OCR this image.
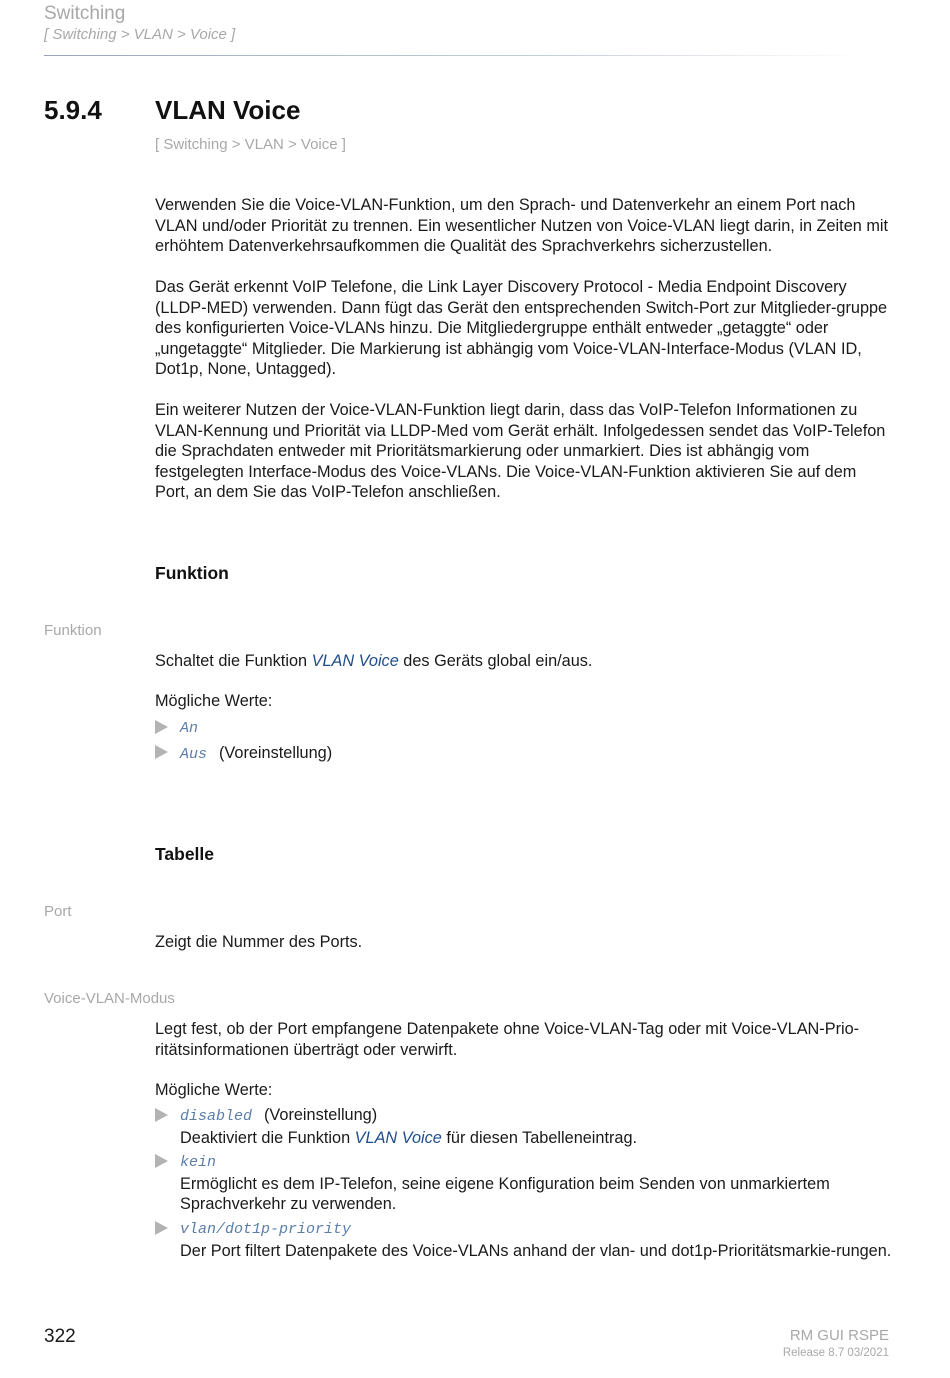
Switching
[ Switching > VLAN > Voice ]
5.9.4 VLAN Voice
[ Switching > VLAN > Voice ]
Verwenden Sie die Voice-VLAN-Funktion, um den Sprach- und Datenverkehr an einem Port nach VLAN und/oder Priorität zu trennen. Ein wesentlicher Nutzen von Voice-VLAN liegt darin, in Zeiten mit erhöhtem Datenverkehrsaufkommen die Qualität des Sprachverkehrs sicherzustellen.
Das Gerät erkennt VoIP Telefone, die Link Layer Discovery Protocol - Media Endpoint Discovery (LLDP-MED) verwenden. Dann fügt das Gerät den entsprechenden Switch-Port zur Mitglieder-gruppe des konfigurierten Voice-VLANs hinzu. Die Mitgliedergruppe enthält entweder „getaggte“ oder „ungetaggte“ Mitglieder. Die Markierung ist abhängig vom Voice-VLAN-Interface-Modus (VLAN ID, Dot1p, None, Untagged).
Ein weiterer Nutzen der Voice-VLAN-Funktion liegt darin, dass das VoIP-Telefon Informationen zu VLAN-Kennung und Priorität via LLDP-Med vom Gerät erhält. Infolgedessen sendet das VoIP-Telefon die Sprachdaten entweder mit Prioritätsmarkierung oder unmarkiert. Dies ist abhängig vom festgelegten Interface-Modus des Voice-VLANs. Die Voice-VLAN-Funktion aktivieren Sie auf dem Port, an dem Sie das VoIP-Telefon anschließen.
Funktion
Funktion
Schaltet die Funktion VLAN Voice des Geräts global ein/aus.
Mögliche Werte:
An
Aus (Voreinstellung)
Tabelle
Port
Zeigt die Nummer des Ports.
Voice-VLAN-Modus
Legt fest, ob der Port empfangene Datenpakete ohne Voice-VLAN-Tag oder mit Voice-VLAN-Prio-ritätsinformationen überträgt oder verwirft.
Mögliche Werte:
disabled (Voreinstellung)
Deaktiviert die Funktion VLAN Voice für diesen Tabelleneintrag.
kein
Ermöglicht es dem IP-Telefon, seine eigene Konfiguration beim Senden von unmarkiertem Sprachverkehr zu verwenden.
vlan/dot1p-priority
Der Port filtert Datenpakete des Voice-VLANs anhand der vlan- und dot1p-Prioritätsmarkie-rungen.
322	RM GUI RSPE
Release 8.7 03/2021
